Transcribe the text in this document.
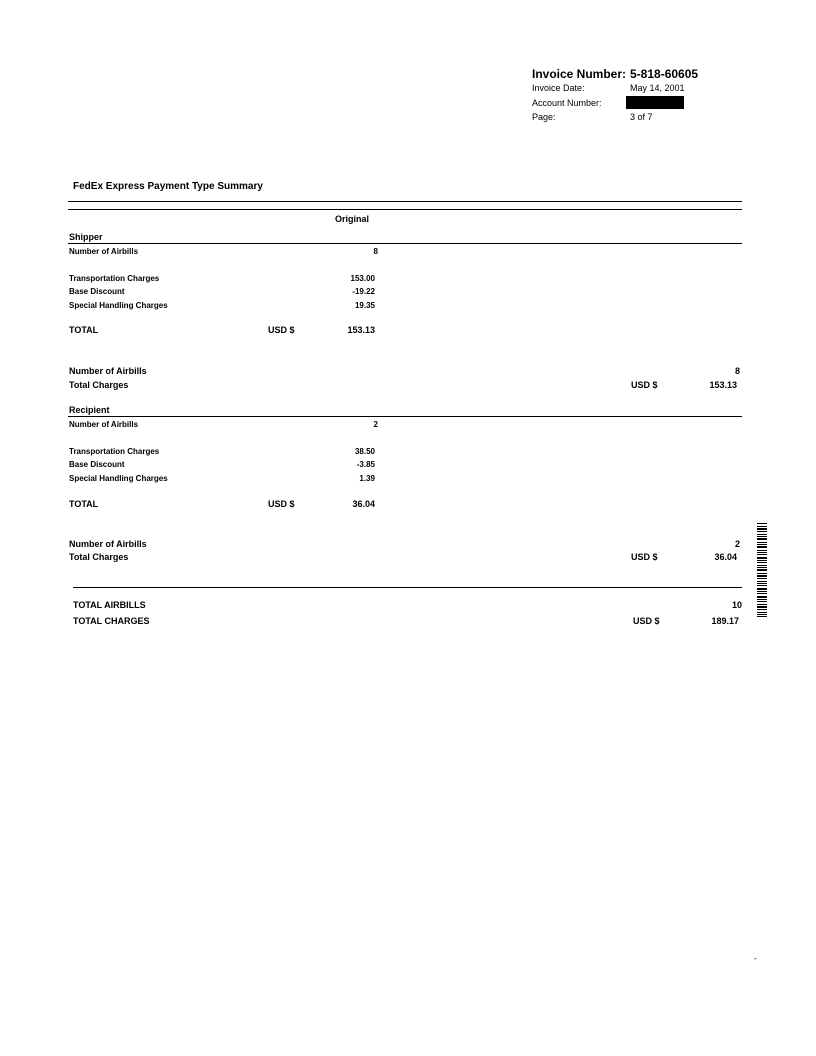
Invoice Number: 5-818-60605
Invoice Date:	May 14, 2001
Account Number:
Page:	3 of 7
FedEx Express Payment Type Summary
Original
Shipper
Number of Airbills	8
Transportation Charges	153.00
Base Discount	-19.22
Special Handling Charges	19.35
TOTAL	USD $	153.13
Number of Airbills	8
Total Charges	USD $	153.13
Recipient
Number of Airbills	2
Transportation Charges	38.50
Base Discount	-3.85
Special Handling Charges	1.39
TOTAL	USD $	36.04
Number of Airbills	2
Total Charges	USD $	36.04
TOTAL AIRBILLS	10
TOTAL CHARGES	USD $	189.17
-
